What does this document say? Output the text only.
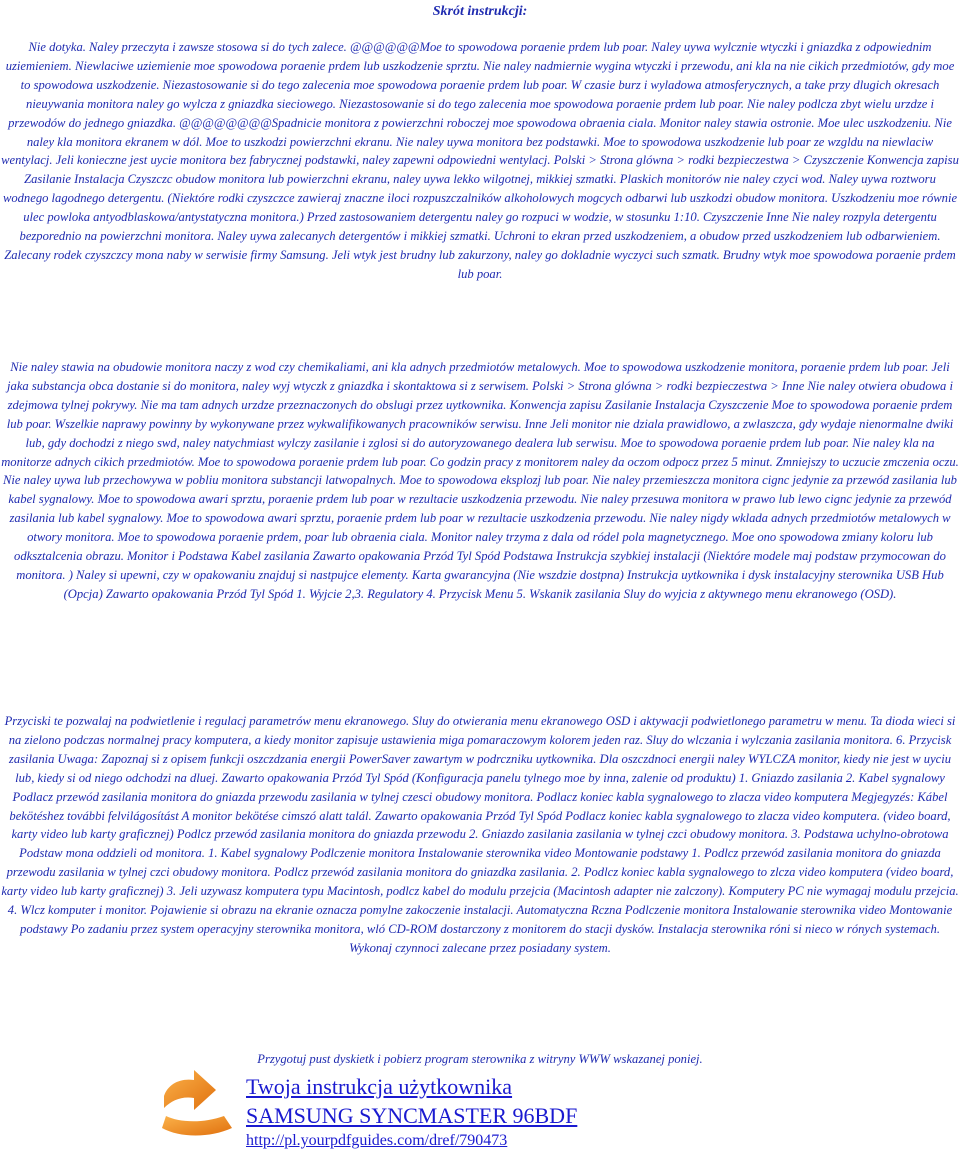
Skrót instrukcji:
Nie dotyka. Naley przeczyta i zawsze stosowa si do tych zalece. @@@@@@Moe to spowodowa poraenie prdem lub poar. Naley uywa wylcznie wtyczki i gniazdka z odpowiednim uziemieniem. Niewlaciwe uziemienie moe spowodowa poraenie prdem lub uszkodzenie sprztu. Nie naley nadmiernie wygina wtyczki i przewodu, ani kla na nie cikich przedmiotów, gdy moe to spowodowa uszkodzenie. Niezastosowanie si do tego zalecenia moe spowodowa poraenie prdem lub poar. W czasie burz i wyladowa atmosferycznych, a take przy dlugich okresach nieuywania monitora naley go wylcza z gniazdka sieciowego. Niezastosowanie si do tego zalecenia moe spowodowa poraenie prdem lub poar. Nie naley podlcza zbyt wielu urzdze i przewodów do jednego gniazdka. @@@@@@@@Spadnicie monitora z powierzchni roboczej moe spowodowa obraenia ciala. Monitor naley stawia ostronie. Moe ulec uszkodzeniu. Nie naley kla monitora ekranem w dól. Moe to uszkodzi powierzchni ekranu. Nie naley uywa monitora bez podstawki. Moe to spowodowa uszkodzenie lub poar ze wzgldu na niewlaciw wentylacj. Jeli konieczne jest uycie monitora bez fabrycznej podstawki, naley zapewni odpowiedni wentylacj. Polski > Strona glówna > rodki bezpieczestwa > Czyszczenie Konwencja zapisu Zasilanie Instalacja Czyszczc obudow monitora lub powierzchni ekranu, naley uywa lekko wilgotnej, mikkiej szmatki. Plaskich monitorów nie naley czyci wod. Naley uywa roztworu wodnego lagodnego detergentu. (Niektóre rodki czyszczce zawieraj znaczne iloci rozpuszczalników alkoholowych mogcych odbarwi lub uszkodzi obudow monitora. Uszkodzeniu moe równie ulec powloka antyodblaskowa/antystatyczna monitora.) Przed zastosowaniem detergentu naley go rozpuci w wodzie, w stosunku 1:10. Czyszczenie Inne Nie naley rozpyla detergentu bezporednio na powierzchni monitora. Naley uywa zalecanych detergentów i mikkiej szmatki. Uchroni to ekran przed uszkodzeniem, a obudow przed uszkodzeniem lub odbarwieniem. Zalecany rodek czyszczcy mona naby w serwisie firmy Samsung. Jeli wtyk jest brudny lub zakurzony, naley go dokladnie wyczyci such szmatk. Brudny wtyk moe spowodowa poraenie prdem lub poar.
Nie naley stawia na obudowie monitora naczy z wod czy chemikaliami, ani kla adnych przedmiotów metalowych. Moe to spowodowa uszkodzenie monitora, poraenie prdem lub poar. Jeli jaka substancja obca dostanie si do monitora, naley wyj wtyczk z gniazdka i skontaktowa si z serwisem. Polski > Strona glówna > rodki bezpieczestwa > Inne Nie naley otwiera obudowa i zdejmowa tylnej pokrywy. Nie ma tam adnych urzdze przeznaczonych do obslugi przez uytkownika. Konwencja zapisu Zasilanie Instalacja Czyszczenie Moe to spowodowa poraenie prdem lub poar. Wszelkie naprawy powinny by wykonywane przez wykwalifikowanych pracowników serwisu. Inne Jeli monitor nie dziala prawidlowo, a zwlaszcza, gdy wydaje nienormalne dwiki lub, gdy dochodzi z niego swd, naley natychmiast wylczy zasilanie i zglosi si do autoryzowanego dealera lub serwisu. Moe to spowodowa poraenie prdem lub poar. Nie naley kla na monitorze adnych cikich przedmiotów. Moe to spowodowa poraenie prdem lub poar. Co godzin pracy z monitorem naley da oczom odpocz przez 5 minut. Zmniejszy to uczucie zmczenia oczu. Nie naley uywa lub przechowywa w pobliu monitora substancji latwopalnych. Moe to spowodowa eksplozj lub poar. Nie naley przemieszcza monitora cignc jedynie za przewód zasilania lub kabel sygnalowy. Moe to spowodowa awari sprztu, poraenie prdem lub poar w rezultacie uszkodzenia przewodu. Nie naley przesuwa monitora w prawo lub lewo cignc jedynie za przewód zasilania lub kabel sygnalowy. Moe to spowodowa awari sprztu, poraenie prdem lub poar w rezultacie uszkodzenia przewodu. Nie naley nigdy wklada adnych przedmiotów metalowych w otwory monitora. Moe to spowodowa poraenie prdem, poar lub obraenia ciala. Monitor naley trzyma z dala od ródel pola magnetycznego. Moe ono spowodowa zmiany koloru lub odksztalcenia obrazu. Monitor i Podstawa Kabel zasilania Zawarto opakowania Przód Tyl Spód Podstawa Instrukcja szybkiej instalacji (Niektóre modele maj podstaw przymocowan do monitora. ) Naley si upewni, czy w opakowaniu znajduj si nastpujce elementy. Karta gwarancyjna (Nie wszdzie dostpna) Instrukcja uytkownika i dysk instalacyjny sterownika USB Hub (Opcja) Zawarto opakowania Przód Tyl Spód 1. Wyjcie 2,3. Regulatory 4. Przycisk Menu 5. Wskanik zasilania Sluy do wyjcia z aktywnego menu ekranowego (OSD).
Przyciski te pozwalaj na podwietlenie i regulacj parametrów menu ekranowego. Sluy do otwierania menu ekranowego OSD i aktywacji podwietlonego parametru w menu. Ta dioda wieci si na zielono podczas normalnej pracy komputera, a kiedy monitor zapisuje ustawienia miga pomaraczowym kolorem jeden raz. Sluy do wlczania i wylczania zasilania monitora. 6. Przycisk zasilania Uwaga: Zapoznaj si z opisem funkcji oszczdzania energii PowerSaver zawartym w podrczniku uytkownika. Dla oszczdnoci energii naley WYLCZA monitor, kiedy nie jest w uyciu lub, kiedy si od niego odchodzi na dluej. Zawarto opakowania Przód Tyl Spód (Konfiguracja panelu tylnego moe by inna, zalenie od produktu) 1. Gniazdo zasilania 2. Kabel sygnalowy Podlacz przewód zasilania monitora do gniazda przewodu zasilania w tylnej czesci obudowy monitora. Podlacz koniec kabla sygnalowego to zlacza video komputera Megjegyzés: Kábel bekötéshez további felvilágosítást A monitor bekötése cimszó alatt talál. Zawarto opakowania Przód Tyl Spód Podlacz koniec kabla sygnalowego to zlacza video komputera. (video board, karty video lub karty graficznej) Podlcz przewód zasilania monitora do gniazda przewodu 2. Gniazdo zasilania zasilania w tylnej czci obudowy monitora. 3. Podstawa uchylno-obrotowa Podstaw mona oddzieli od monitora. 1. Kabel sygnalowy Podlczenie monitora Instalowanie sterownika video Montowanie podstawy 1. Podlcz przewód zasilania monitora do gniazda przewodu zasilania w tylnej czci obudowy monitora. Podlcz przewód zasilania monitora do gniazdka zasilania. 2. Podlcz koniec kabla sygnalowego to zlcza video komputera (video board, karty video lub karty graficznej) 3. Jeli uzywasz komputera typu Macintosh, podlcz kabel do modulu przejcia (Macintosh adapter nie zalczony). Komputery PC nie wymagaj modulu przejcia. 4. Wlcz komputer i monitor. Pojawienie si obrazu na ekranie oznacza pomylne zakoczenie instalacji. Automatyczna Rczna Podlczenie monitora Instalowanie sterownika video Montowanie podstawy Po zadaniu przez system operacyjny sterownika monitora, wló CD-ROM dostarczony z monitorem do stacji dysków. Instalacja sterownika róni si nieco w rónych systemach. Wykonaj czynnoci zalecane przez posiadany system.
Przygotuj pust dyskietk i pobierz program sterownika z witryny WWW wskazanej poniej.
Twoja instrukcja użytkownika
SAMSUNG SYNCMASTER 96BDF
http://pl.yourpdfguides.com/dref/790473
